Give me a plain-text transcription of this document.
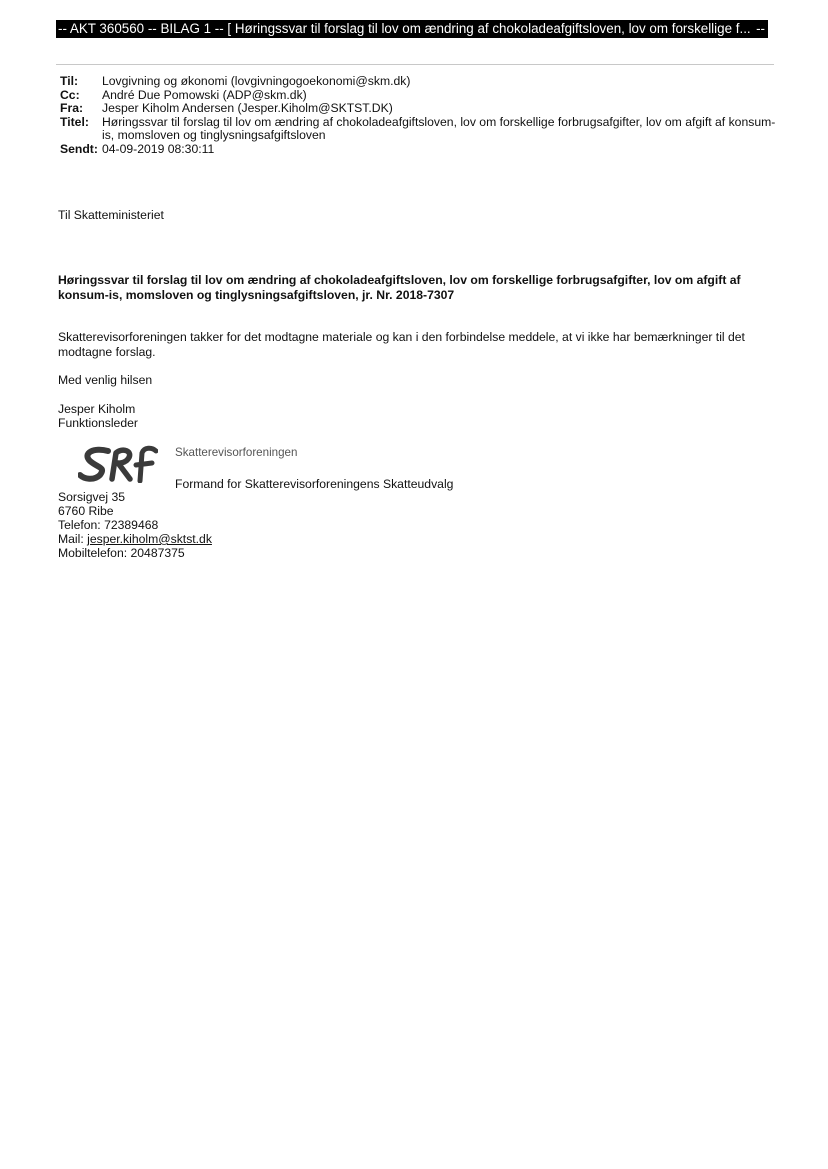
-- AKT 360560 -- BILAG 1 -- [ Høringssvar til forslag til lov om ændring af chokoladeafgiftsloven, lov om forskellige f... --
Til:	Lovgivning og økonomi (lovgivningogoekonomi@skm.dk)
Cc:	André Due Pomowski (ADP@skm.dk)
Fra:	Jesper Kiholm Andersen (Jesper.Kiholm@SKTST.DK)
Titel:	Høringssvar til forslag til lov om ændring af chokoladeafgiftsloven, lov om forskellige forbrugsafgifter, lov om afgift af konsum-is, momsloven og tinglysningsafgiftsloven
Sendt: 04-09-2019 08:30:11
Til Skatteministeriet
Høringssvar til forslag til lov om ændring af chokoladeafgiftsloven, lov om forskellige forbrugsafgifter, lov om afgift af konsum-is, momsloven og tinglysningsafgiftsloven, jr. Nr. 2018-7307
Skatterevisorforeningen takker for det modtagne materiale og kan i den forbindelse meddele, at vi ikke har bemærkninger til det modtagne forslag.
Med venlig hilsen
Jesper Kiholm
Funktionsleder
Skatterevisorforeningen
Formand for Skatterevisorforeningens Skatteudvalg
Sorsigvej 35
6760 Ribe
Telefon: 72389468
Mail: jesper.kiholm@sktst.dk
Mobiltelefon: 20487375
